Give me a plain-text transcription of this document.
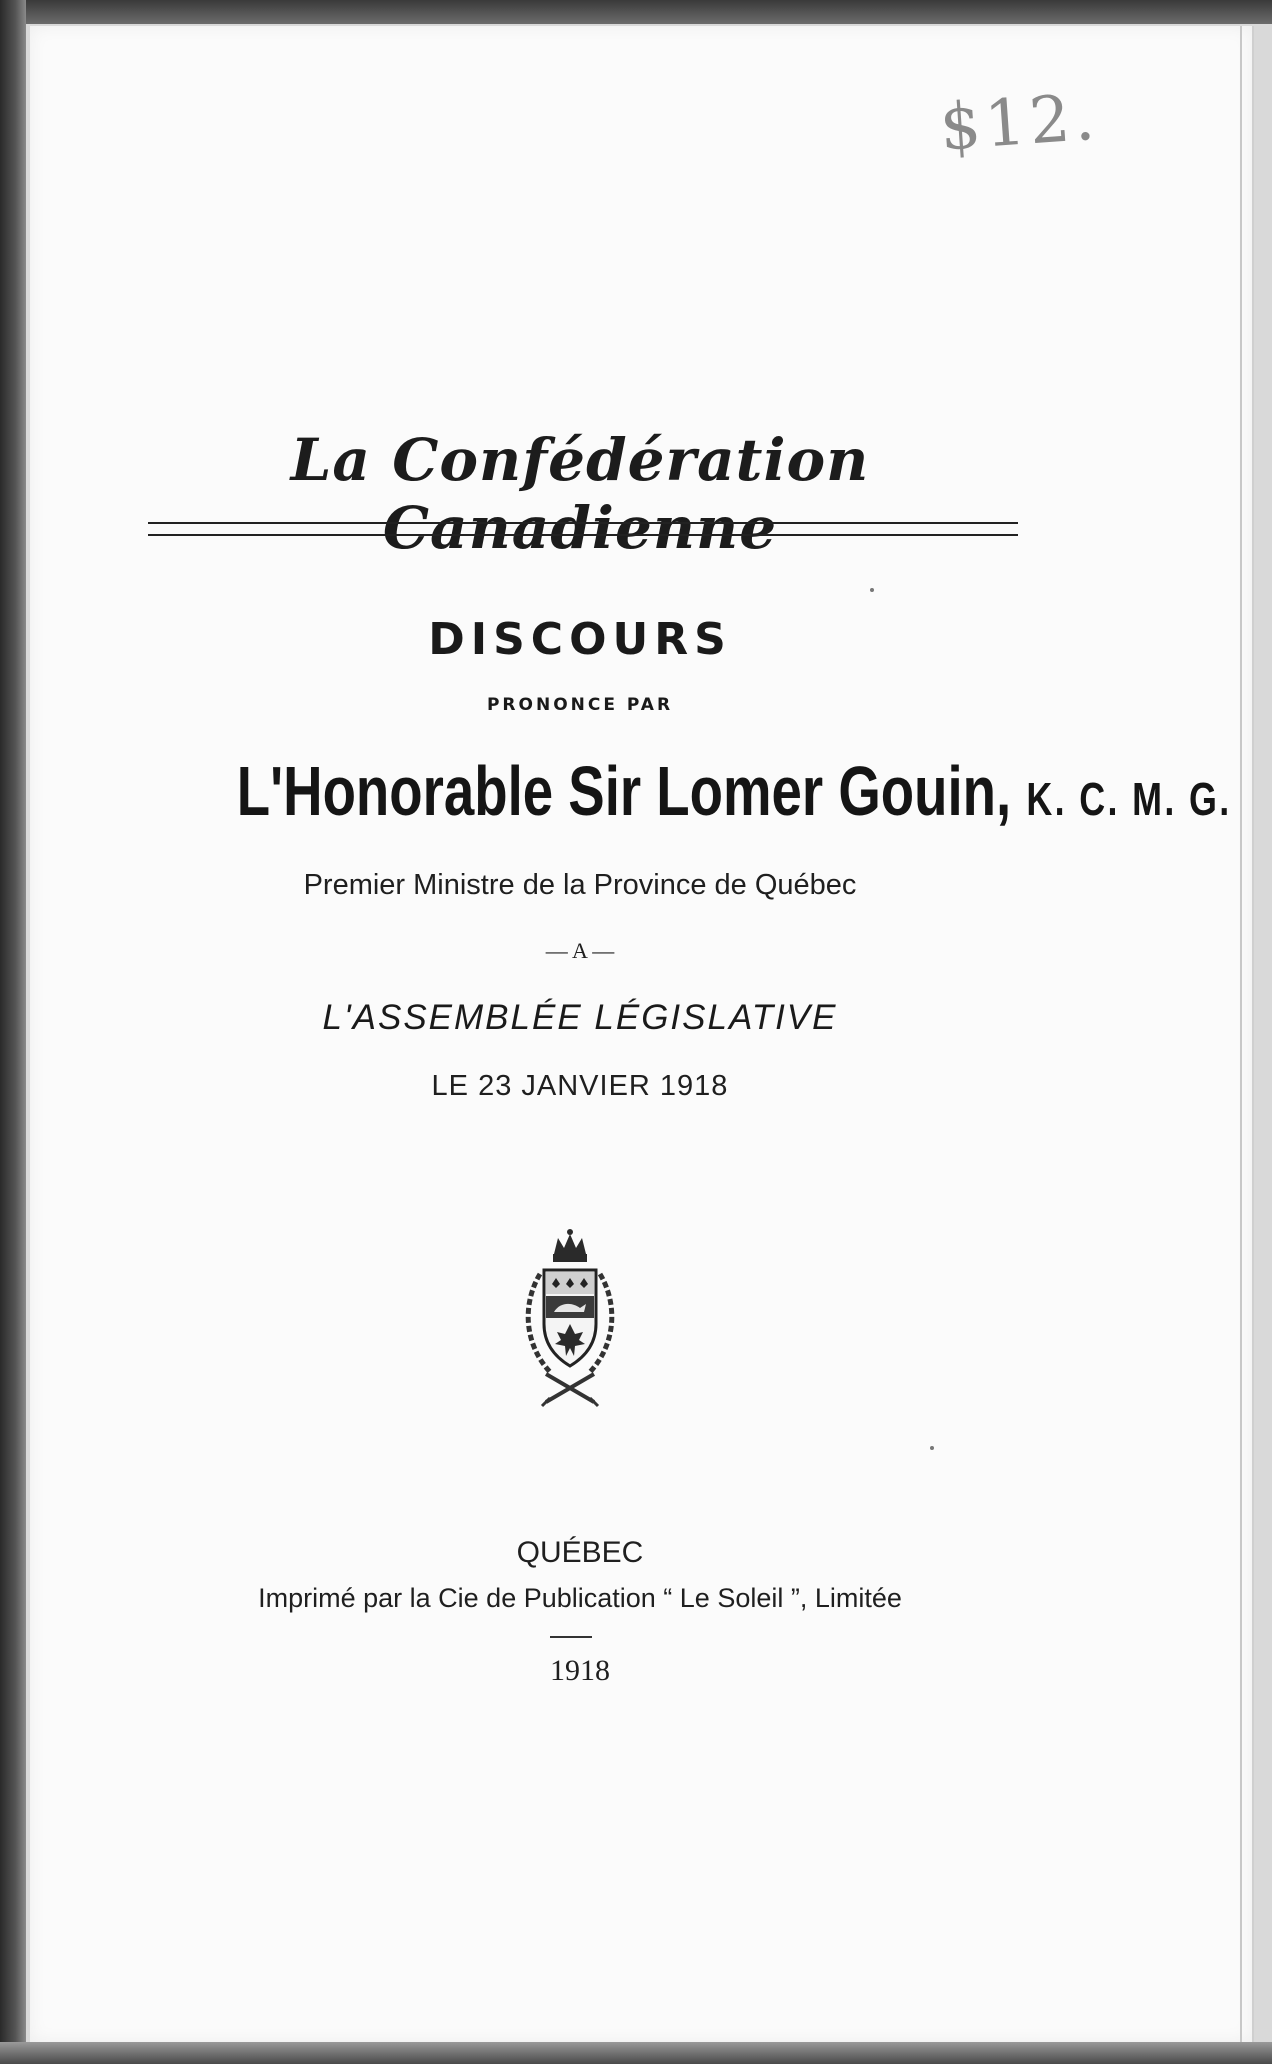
$12.
La Confédération Canadienne
DISCOURS
PRONONCE PAR
L'Honorable Sir Lomer Gouin, K. C. M. G.
Premier Ministre de la Province de Québec
— A —
L'ASSEMBLÉE LÉGISLATIVE
LE 23 JANVIER 1918
QUÉBEC
Imprimé par la Cie de Publication “ Le Soleil ”, Limitée
1918
